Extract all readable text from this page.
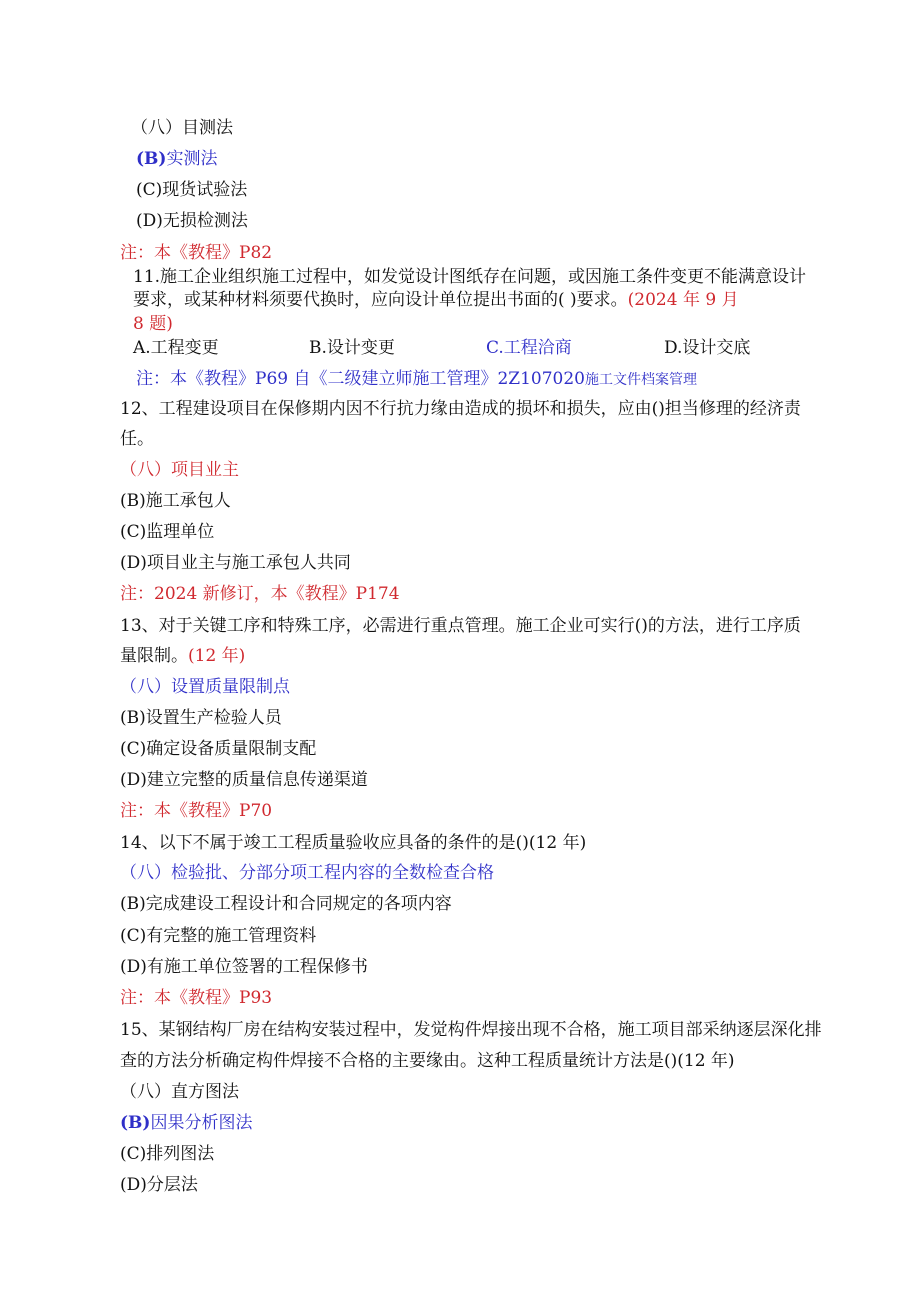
（八）目测法
(B)实测法
(C)现货试验法
(D)无损检测法
注：本《教程》P82
11.施工企业组织施工过程中，如发觉设计图纸存在问题，或因施工条件变更不能满意设计
要求，或某种材料须要代换时，应向设计单位提出书面的( )要求。(2024 年 9 月
8 题)
A.工程变更	B.设计变更	C.工程洽商	D.设计交底
注：本《教程》P69 自《二级建立师施工管理》2Z107020施工文件档案管理
12、工程建设项目在保修期内因不行抗力缘由造成的损坏和损失，应由()担当修理的经济责
任。
（八）项目业主
(B)施工承包人
(C)监理单位
(D)项目业主与施工承包人共同
注：2024 新修订，本《教程》P174
13、对于关键工序和特殊工序，必需进行重点管理。施工企业可实行()的方法，进行工序质
量限制。(12 年)
（八）设置质量限制点
(B)设置生产检验人员
(C)确定设备质量限制支配
(D)建立完整的质量信息传递渠道
注：本《教程》P70
14、以下不属于竣工工程质量验收应具备的条件的是()(12 年)
（八）检验批、分部分项工程内容的全数检查合格
(B)完成建设工程设计和合同规定的各项内容
(C)有完整的施工管理资料
(D)有施工单位签署的工程保修书
注：本《教程》P93
15、某钢结构厂房在结构安装过程中，发觉构件焊接出现不合格，施工项目部采纳逐层深化排
查的方法分析确定构件焊接不合格的主要缘由。这种工程质量统计方法是()(12 年)
（八）直方图法
(B)因果分析图法
(C)排列图法
(D)分层法
